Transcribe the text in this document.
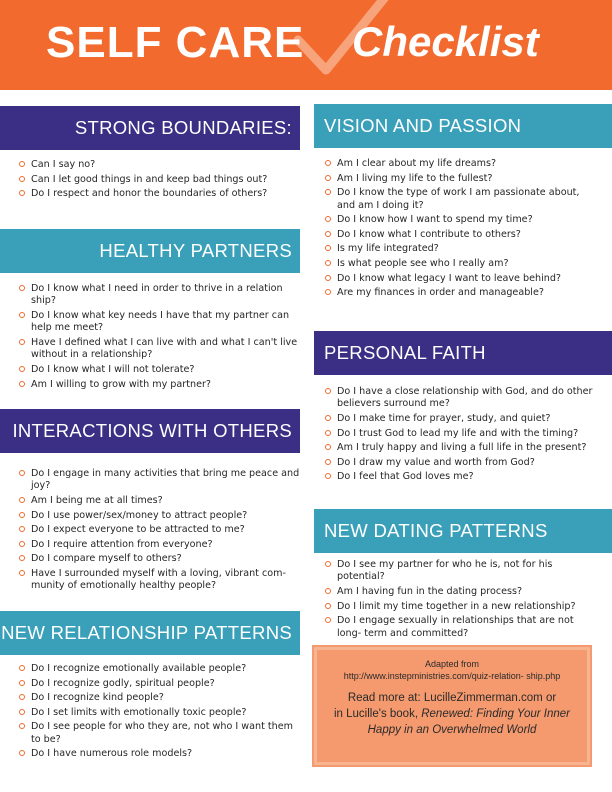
SELF CARE Checklist
STRONG BOUNDARIES:
Can I say no?
Can I let good things in and keep bad things out?
Do I respect and honor the boundaries of others?
HEALTHY PARTNERS
Do I know what I need in order to thrive in a relation ship?
Do I know what key needs I have that my partner can help me meet?
Have I defined what I can live with and what I can't live without in a relationship?
Do I know what I will not tolerate?
Am I willing to grow with my partner?
INTERACTIONS WITH OTHERS
Do I engage in many activities that bring me peace and joy?
Am I being me at all times?
Do I use power/sex/money to attract people?
Do I expect everyone to be attracted to me?
Do I require attention from everyone?
Do I compare myself to others?
Have I surrounded myself with a loving, vibrant com- munity of emotionally healthy people?
NEW RELATIONSHIP PATTERNS
Do I recognize emotionally available people?
Do I recognize godly, spiritual people?
Do I recognize kind people?
Do I set limits with emotionally toxic people?
Do I see people for who they are, not who I want them to be?
Do I have numerous role models?
VISION AND PASSION
Am I clear about my life dreams?
Am I living my life to the fullest?
Do I know the type of work I am passionate about, and am I doing it?
Do I know how I want to spend my time?
Do I know what I contribute to others?
Is my life integrated?
Is what people see who I really am?
Do I know what legacy I want to leave behind?
Are my finances in order and manageable?
PERSONAL FAITH
Do I have a close relationship with God, and do other believers surround me?
Do I make time for prayer, study, and quiet?
Do I trust God to lead my life and with the timing?
Am I truly happy and living a full life in the present?
Do I draw my value and worth from God?
Do I feel that God loves me?
NEW DATING PATTERNS
Do I see my partner for who he is, not for his potential?
Am I having fun in the dating process?
Do I limit my time together in a new relationship?
Do I engage sexually in relationships that are not long- term and committed?
Adapted from
http://www.instepministries.com/quiz-relation- ship.php
Read more at: LucilleZimmerman.com or
in Lucille's book, Renewed: Finding Your Inner Happy in an Overwhelmed World
